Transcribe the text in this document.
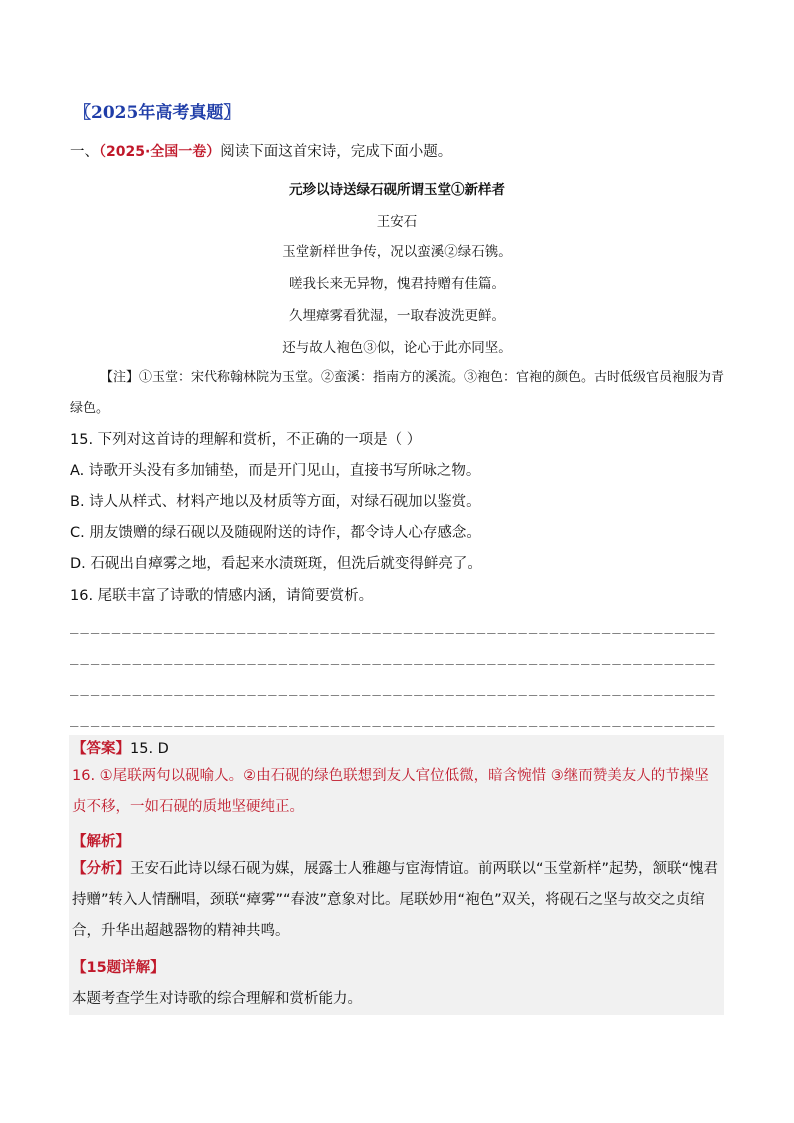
〖2025年高考真题〗
一、（2025·全国一卷）阅读下面这首宋诗，完成下面小题。
元珍以诗送绿石砚所谓玉堂①新样者
王安石
玉堂新样世争传，况以蛮溪②绿石镌。
嗟我长来无异物，愧君持赠有佳篇。
久埋瘴雾看犹湿，一取春波洗更鲜。
还与故人袍色③似，论心于此亦同坚。
【注】①玉堂：宋代称翰林院为玉堂。②蛮溪：指南方的溪流。③袍色：官袍的颜色。古时低级官员袍服为青绿色。
15. 下列对这首诗的理解和赏析，不正确的一项是（ ）
A. 诗歌开头没有多加铺垫，而是开门见山，直接书写所咏之物。
B. 诗人从样式、材料产地以及材质等方面，对绿石砚加以鉴赏。
C. 朋友馈赠的绿石砚以及随砚附送的诗作，都令诗人心存感念。
D. 石砚出自瘴雾之地，看起来水渍斑斑，但洗后就变得鲜亮了。
16. 尾联丰富了诗歌的情感内涵，请简要赏析。
______________________________________________________________
______________________________________________________________
______________________________________________________________
______________________________________________________________
【答案】15. D
16. ①尾联两句以砚喻人。②由石砚的绿色联想到友人官位低微，暗含惋惜 ③继而赞美友人的节操坚贞不移，一如石砚的质地坚硬纯正。
【解析】
【分析】王安石此诗以绿石砚为媒，展露士人雅趣与宦海情谊。前两联以“玉堂新样”起势，颔联“愧君持赠”转入人情酬唱，颈联“瘴雾”“春波”意象对比。尾联妙用“袍色”双关，将砚石之坚与故交之贞绾合，升华出超越器物的精神共鸣。
【15题详解】
本题考查学生对诗歌的综合理解和赏析能力。
